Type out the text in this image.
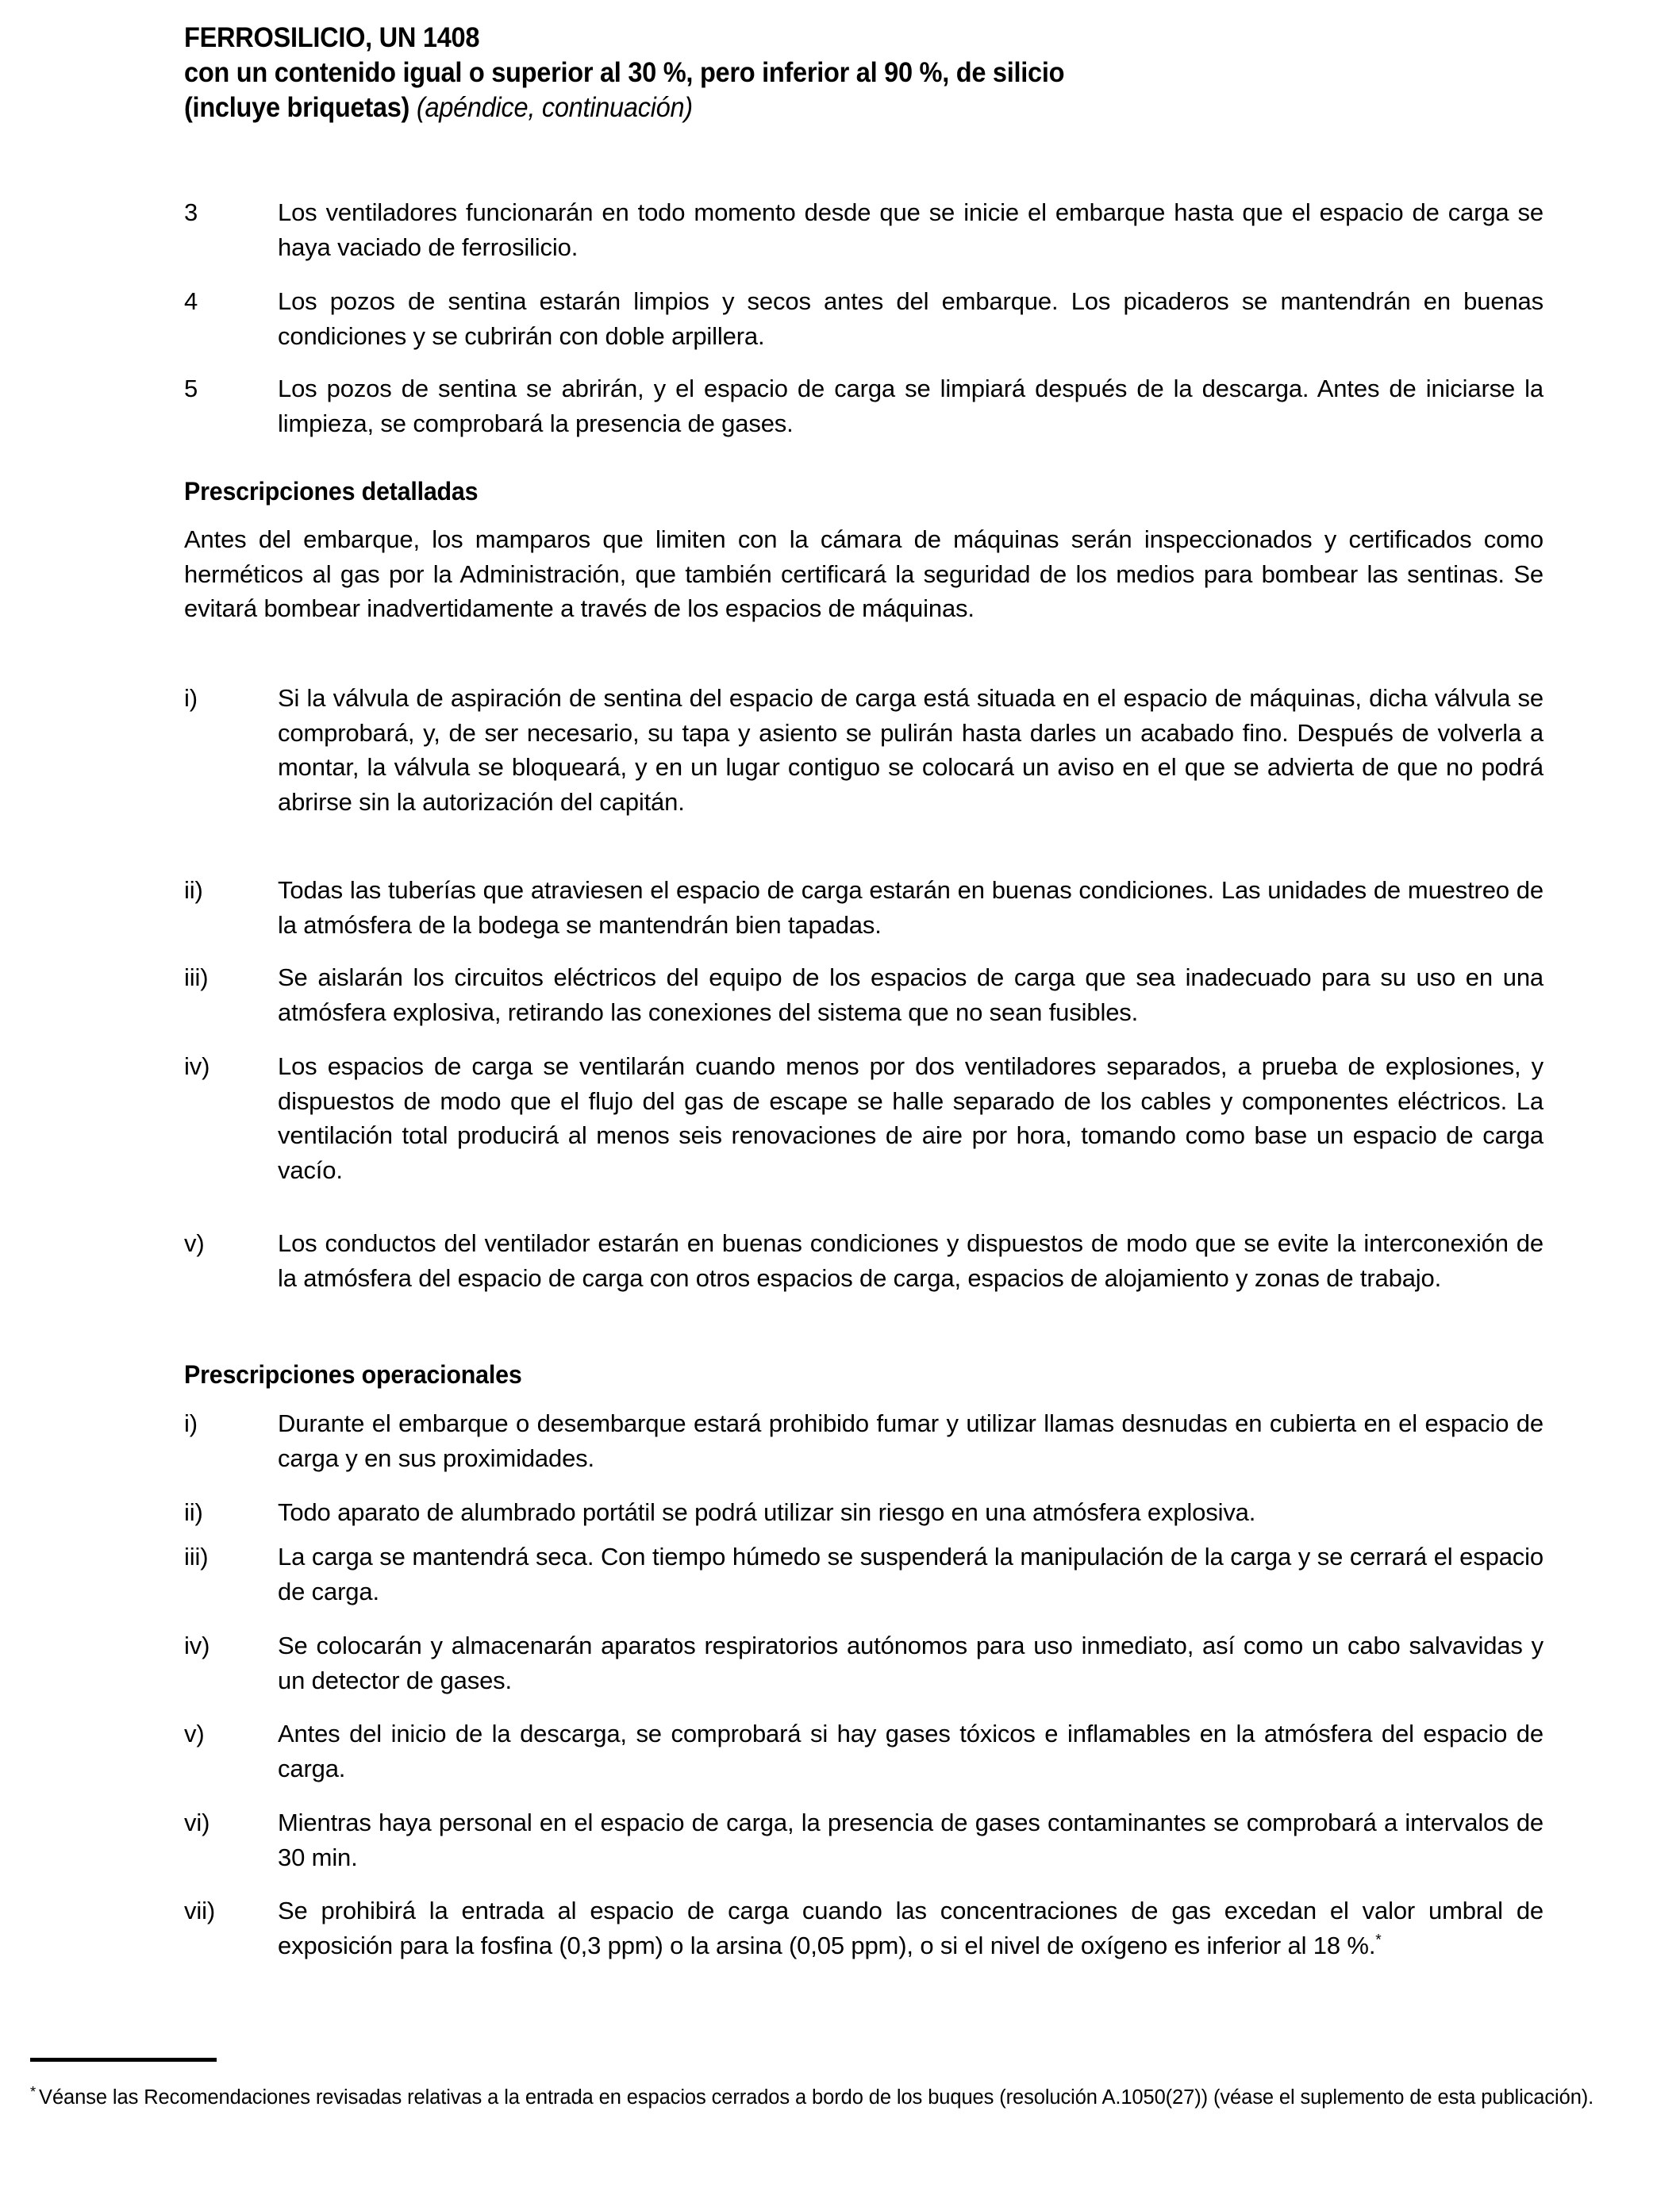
FERROSILICIO, UN 1408
con un contenido igual o superior al 30 %, pero inferior al 90 %, de silicio
(incluye briquetas) (apéndice, continuación)
3	Los ventiladores funcionarán en todo momento desde que se inicie el embarque hasta que el espacio de carga se haya vaciado de ferrosilicio.
4	Los pozos de sentina estarán limpios y secos antes del embarque. Los picaderos se mantendrán en buenas condiciones y se cubrirán con doble arpillera.
5	Los pozos de sentina se abrirán, y el espacio de carga se limpiará después de la descarga. Antes de iniciarse la limpieza, se comprobará la presencia de gases.
Prescripciones detalladas
Antes del embarque, los mamparos que limiten con la cámara de máquinas serán inspeccionados y certificados como herméticos al gas por la Administración, que también certificará la seguridad de los medios para bombear las sentinas. Se evitará bombear inadvertidamente a través de los espacios de máquinas.
i)	Si la válvula de aspiración de sentina del espacio de carga está situada en el espacio de máquinas, dicha válvula se comprobará, y, de ser necesario, su tapa y asiento se pulirán hasta darles un acabado fino. Después de volverla a montar, la válvula se bloqueará, y en un lugar contiguo se colocará un aviso en el que se advierta de que no podrá abrirse sin la autorización del capitán.
ii)	Todas las tuberías que atraviesen el espacio de carga estarán en buenas condiciones. Las unidades de muestreo de la atmósfera de la bodega se mantendrán bien tapadas.
iii)	Se aislarán los circuitos eléctricos del equipo de los espacios de carga que sea inadecuado para su uso en una atmósfera explosiva, retirando las conexiones del sistema que no sean fusibles.
iv)	Los espacios de carga se ventilarán cuando menos por dos ventiladores separados, a prueba de explosiones, y dispuestos de modo que el flujo del gas de escape se halle separado de los cables y componentes eléctricos. La ventilación total producirá al menos seis renovaciones de aire por hora, tomando como base un espacio de carga vacío.
v)	Los conductos del ventilador estarán en buenas condiciones y dispuestos de modo que se evite la interconexión de la atmósfera del espacio de carga con otros espacios de carga, espacios de alojamiento y zonas de trabajo.
Prescripciones operacionales
i)	Durante el embarque o desembarque estará prohibido fumar y utilizar llamas desnudas en cubierta en el espacio de carga y en sus proximidades.
ii)	Todo aparato de alumbrado portátil se podrá utilizar sin riesgo en una atmósfera explosiva.
iii)	La carga se mantendrá seca. Con tiempo húmedo se suspenderá la manipulación de la carga y se cerrará el espacio de carga.
iv)	Se colocarán y almacenarán aparatos respiratorios autónomos para uso inmediato, así como un cabo salvavidas y un detector de gases.
v)	Antes del inicio de la descarga, se comprobará si hay gases tóxicos e inflamables en la atmósfera del espacio de carga.
vi)	Mientras haya personal en el espacio de carga, la presencia de gases contaminantes se comprobará a intervalos de 30 min.
vii)	Se prohibirá la entrada al espacio de carga cuando las concentraciones de gas excedan el valor umbral de exposición para la fosfina (0,3 ppm) o la arsina (0,05 ppm), o si el nivel de oxígeno es inferior al 18 %.*
* Véanse las Recomendaciones revisadas relativas a la entrada en espacios cerrados a bordo de los buques (resolución A.1050(27)) (véase el suplemento de esta publicación).
